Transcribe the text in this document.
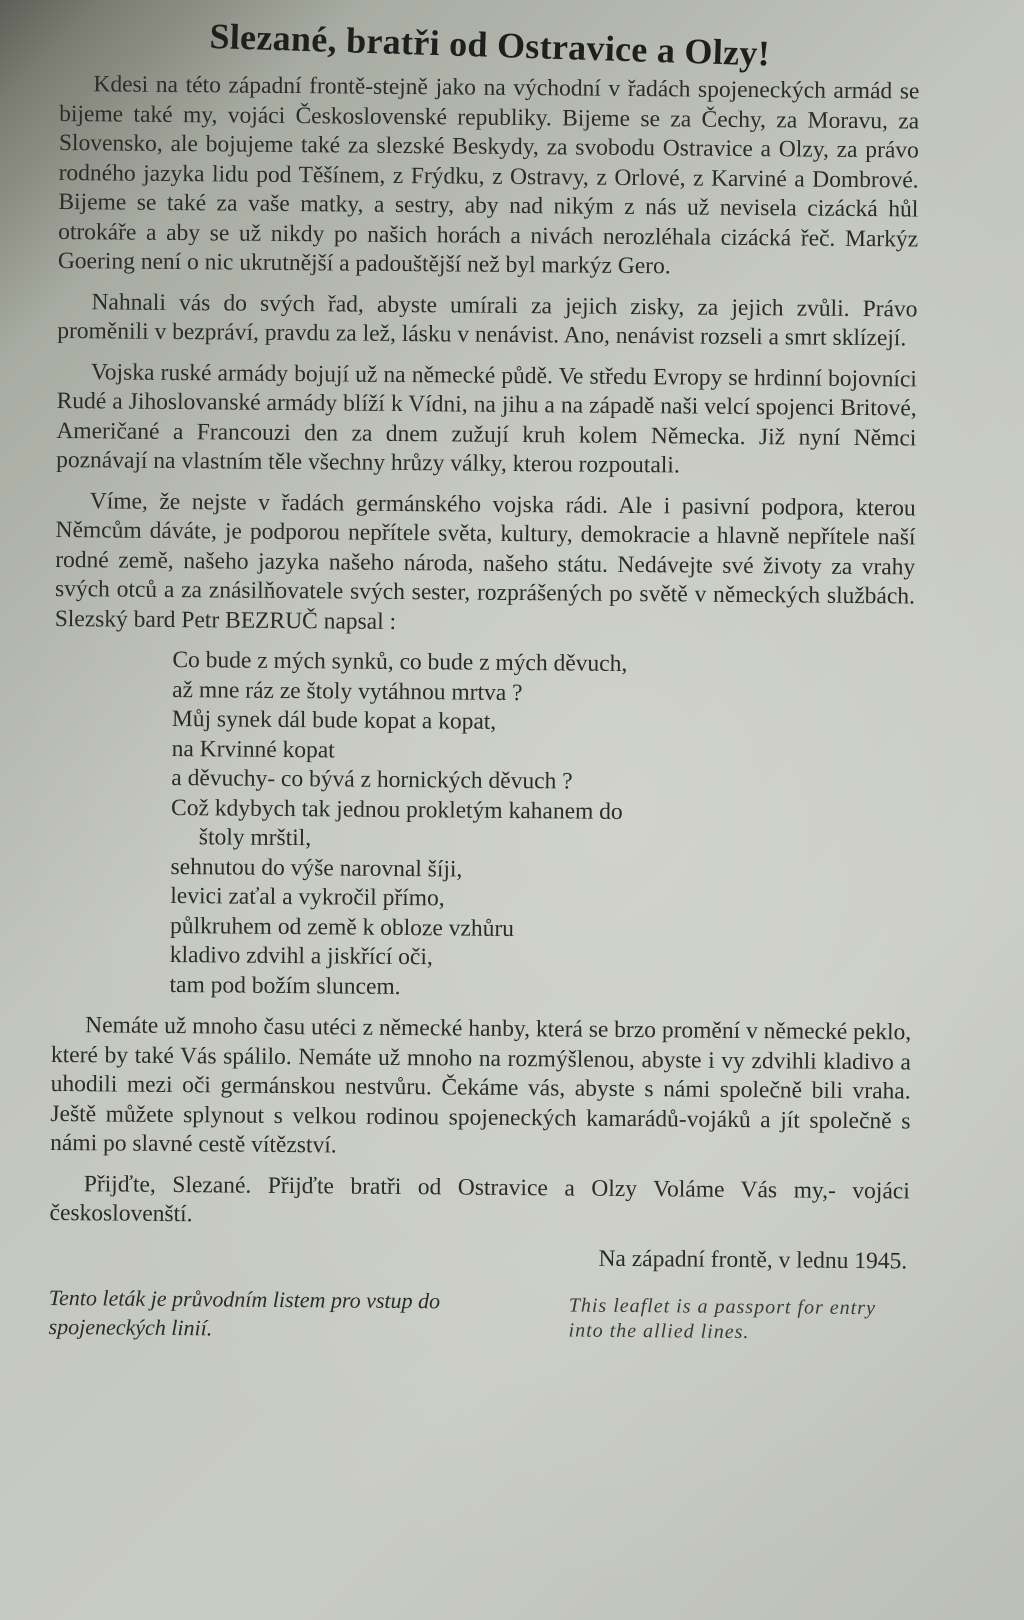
Slezané, bratři od Ostravice a Olzy!

Kdesi na této západní frontě-stejně jako na východní v řadách spojeneckých armád se bijeme také my, vojáci Československé republiky. Bijeme se za Čechy, za Moravu, za Slovensko, ale bojujeme také za slezské Beskydy, za svobodu Ostravice a Olzy, za právo rodného jazyka lidu pod Těšínem, z Frýdku, z Ostravy, z Orlové, z Karviné a Dombrové. Bijeme se také za vaše matky, a sestry, aby nad nikým z nás už nevisela cizácká hůl otrokáře a aby se už nikdy po našich horách a nivách nerozléhala cizácká řeč. Markýz Goering není o nic ukrutnější a padouštější než byl markýz Gero.

Nahnali vás do svých řad, abyste umírali za jejich zisky, za jejich zvůli. Právo proměnili v bezpráví, pravdu za lež, lásku v nenávist. Ano, nenávist rozseli a smrt sklízejí.

Vojska ruské armády bojují už na německé půdě. Ve středu Evropy se hrdinní bojovníci Rudé a Jihoslovanské armády blíží k Vídni, na jihu a na západě naši velcí spojenci Britové, Američané a Francouzi den za dnem zužují kruh kolem Německa. Již nyní Němci poznávají na vlastním těle všechny hrůzy války, kterou rozpoutali.

Víme, že nejste v řadách germánského vojska rádi. Ale i pasivní podpora, kterou Němcům dáváte, je podporou nepřítele světa, kultury, demokracie a hlavně nepřítele naší rodné země, našeho jazyka našeho národa, našeho státu. Nedávejte své životy za vrahy svých otců a za znásilňovatele svých sester, rozprášených po světě v německých službách. Slezský bard Petr BEZRUČ napsal :

Co bude z mých synků, co bude z mých děvuch,
až mne ráz ze štoly vytáhnou mrtva ?
Můj synek dál bude kopat a kopat,
na Krvinné kopat
a děvuchy- co bývá z hornických děvuch ?
Což kdybych tak jednou prokletým kahanem do
štoly mrštil,
sehnutou do výše narovnal šíji,
levici zaťal a vykročil přímo,
půlkruhem od země k obloze vzhůru
kladivo zdvihl a jiskřící oči,
tam pod božím sluncem.

Nemáte už mnoho času utéci z německé hanby, která se brzo promění v německé peklo, které by také Vás spálilo. Nemáte už mnoho na rozmýšlenou, abyste i vy zdvihli kladivo a uhodili mezi oči germánskou nestvůru. Čekáme vás, abyste s námi společně bili vraha. Ještě můžete splynout s velkou rodinou spojeneckých kamarádů-vojáků a jít společně s námi po slavné cestě vítězství.

Přijďte, Slezané. Přijďte bratři od Ostravice a Olzy Voláme Vás my,- vojáci českoslovenští.

Na západní frontě, v lednu 1945.
Tento leták je průvodním listem pro vstup do spojeneckých linií.
This leaflet is a passport for entry into the allied lines.
